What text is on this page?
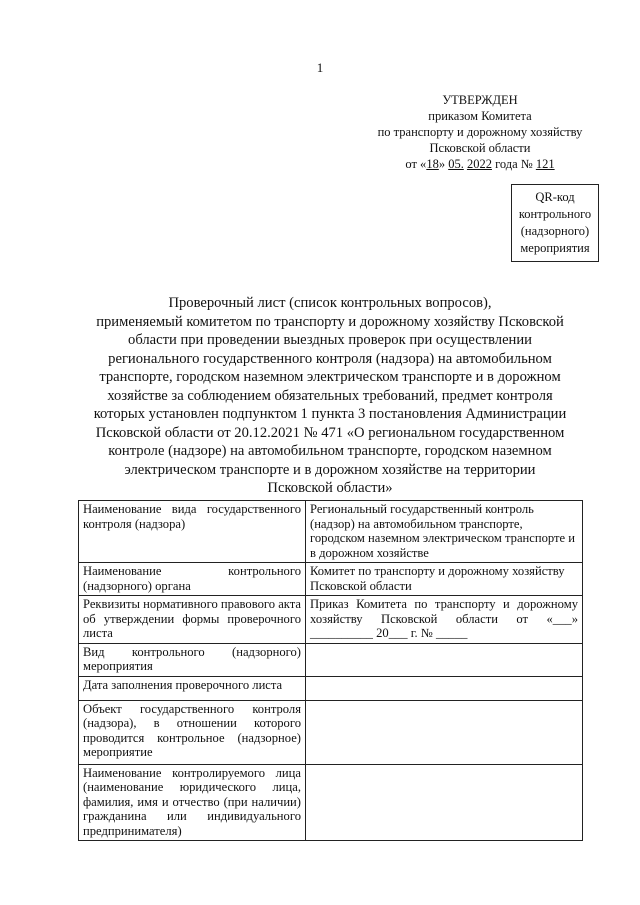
1
УТВЕРЖДЕН
приказом Комитета
по транспорту и дорожному хозяйству
Псковской области
от «18» 05. 2022 года № 121
QR-код
контрольного
(надзорного)
мероприятия
Проверочный лист (список контрольных вопросов),
применяемый комитетом по транспорту и дорожному хозяйству Псковской
области при проведении выездных проверок при осуществлении
регионального государственного контроля (надзора) на автомобильном
транспорте, городском наземном электрическом транспорте и в дорожном
хозяйстве за соблюдением обязательных требований, предмет контроля
которых установлен подпунктом 1 пункта 3 постановления Администрации
Псковской области от 20.12.2021 № 471 «О региональном государственном
контроле (надзоре) на автомобильном транспорте, городском наземном
электрическом транспорте и в дорожном хозяйстве на территории
Псковской области»
Наименование вида государственного контроля (надзора)	Региональный государственный контроль (надзор) на автомобильном транспорте, городском наземном электрическом транспорте и в дорожном хозяйстве
Наименование контрольного (надзорного) органа	Комитет по транспорту и дорожному хозяйству Псковской области
Реквизиты нормативного правового акта об утверждении формы проверочного листа	Приказ Комитета по транспорту и дорожному хозяйству Псковской области от «___» __________ 20___ г. № _____
Вид контрольного (надзорного) мероприятия	
Дата заполнения проверочного листа	
Объект государственного контроля (надзора), в отношении которого проводится контрольное (надзорное) мероприятие	
Наименование контролируемого лица (наименование юридического лица, фамилия, имя и отчество (при наличии) гражданина или индивидуального предпринимателя)	
